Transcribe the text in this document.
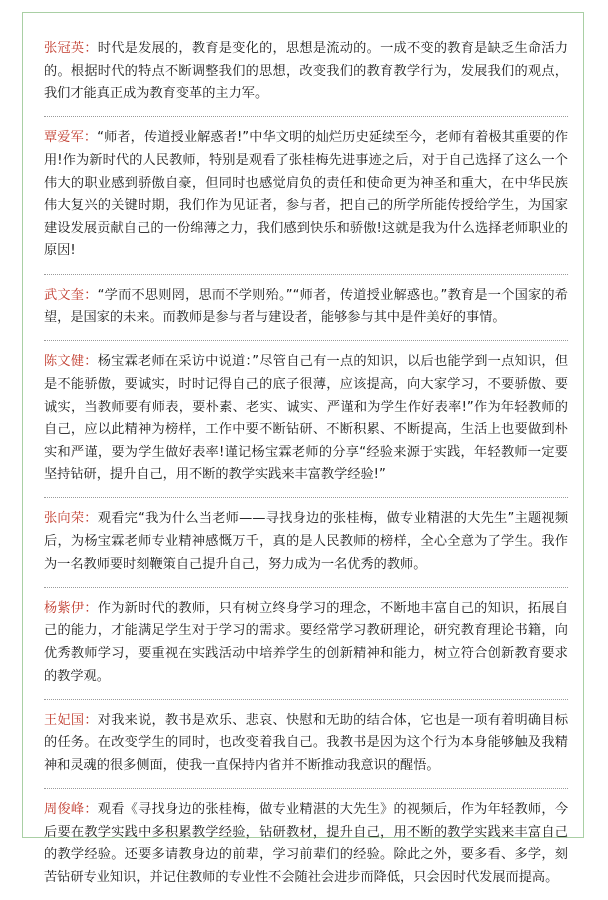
张冠英：时代是发展的，教育是变化的，思想是流动的。一成不变的教育是缺乏生命活力的。根据时代的特点不断调整我们的思想，改变我们的教育教学行为，发展我们的观点，我们才能真正成为教育变革的主力军。
覃爱军：“师者，传道授业解惑者!”中华文明的灿烂历史延续至今，老师有着极其重要的作用!作为新时代的人民教师，特别是观看了张桂梅先进事迹之后，对于自己选择了这么一个伟大的职业感到骄傲自豪，但同时也感觉肩负的责任和使命更为神圣和重大，在中华民族伟大复兴的关键时期，我们作为见证者，参与者，把自己的所学所能传授给学生，为国家建设发展贡献自己的一份绵薄之力，我们感到快乐和骄傲!这就是我为什么选择老师职业的原因!
武文奎：“学而不思则罔，思而不学则殆。”“师者，传道授业解惑也。”教育是一个国家的希望，是国家的未来。而教师是参与者与建设者，能够参与其中是件美好的事情。
陈文健：杨宝霖老师在采访中说道：”尽管自己有一点的知识，以后也能学到一点知识，但是不能骄傲，要诚实，时时记得自己的底子很薄，应该提高，向大家学习，不要骄傲、要诚实，当教师要有师表，要朴素、老实、诚实、严谨和为学生作好表率!”作为年轻教师的自己，应以此精神为榜样，工作中要不断钻研、不断积累、不断提高，生活上也要做到朴实和严谨，要为学生做好表率!谨记杨宝霖老师的分享“经验来源于实践，年轻教师一定要坚持钻研，提升自己，用不断的教学实践来丰富教学经验!”
张向荣：观看完“我为什么当老师——寻找身边的张桂梅，做专业精湛的大先生”主题视频后，为杨宝霖老师专业精神感慨万千，真的是人民教师的榜样，全心全意为了学生。我作为一名教师要时刻鞭策自己提升自己，努力成为一名优秀的教师。
杨紫伊：作为新时代的教师，只有树立终身学习的理念，不断地丰富自己的知识，拓展自己的能力，才能满足学生对于学习的需求。要经常学习教研理论，研究教育理论书籍，向优秀教师学习，要重视在实践活动中培养学生的创新精神和能力，树立符合创新教育要求的教学观。
王妃国：对我来说，教书是欢乐、悲哀、快慰和无助的结合体，它也是一项有着明确目标的任务。在改变学生的同时，也改变着我自己。我教书是因为这个行为本身能够触及我精神和灵魂的很多侧面，使我一直保持内省并不断推动我意识的醒悟。
周俊峰：观看《寻找身边的张桂梅，做专业精湛的大先生》的视频后，作为年轻教师，今后要在教学实践中多积累教学经验，钻研教材，提升自己，用不断的教学实践来丰富自己的教学经验。还要多请教身边的前辈，学习前辈们的经验。除此之外，要多看、多学，刻苦钻研专业知识，并记住教师的专业性不会随社会进步而降低，只会因时代发展而提高。
